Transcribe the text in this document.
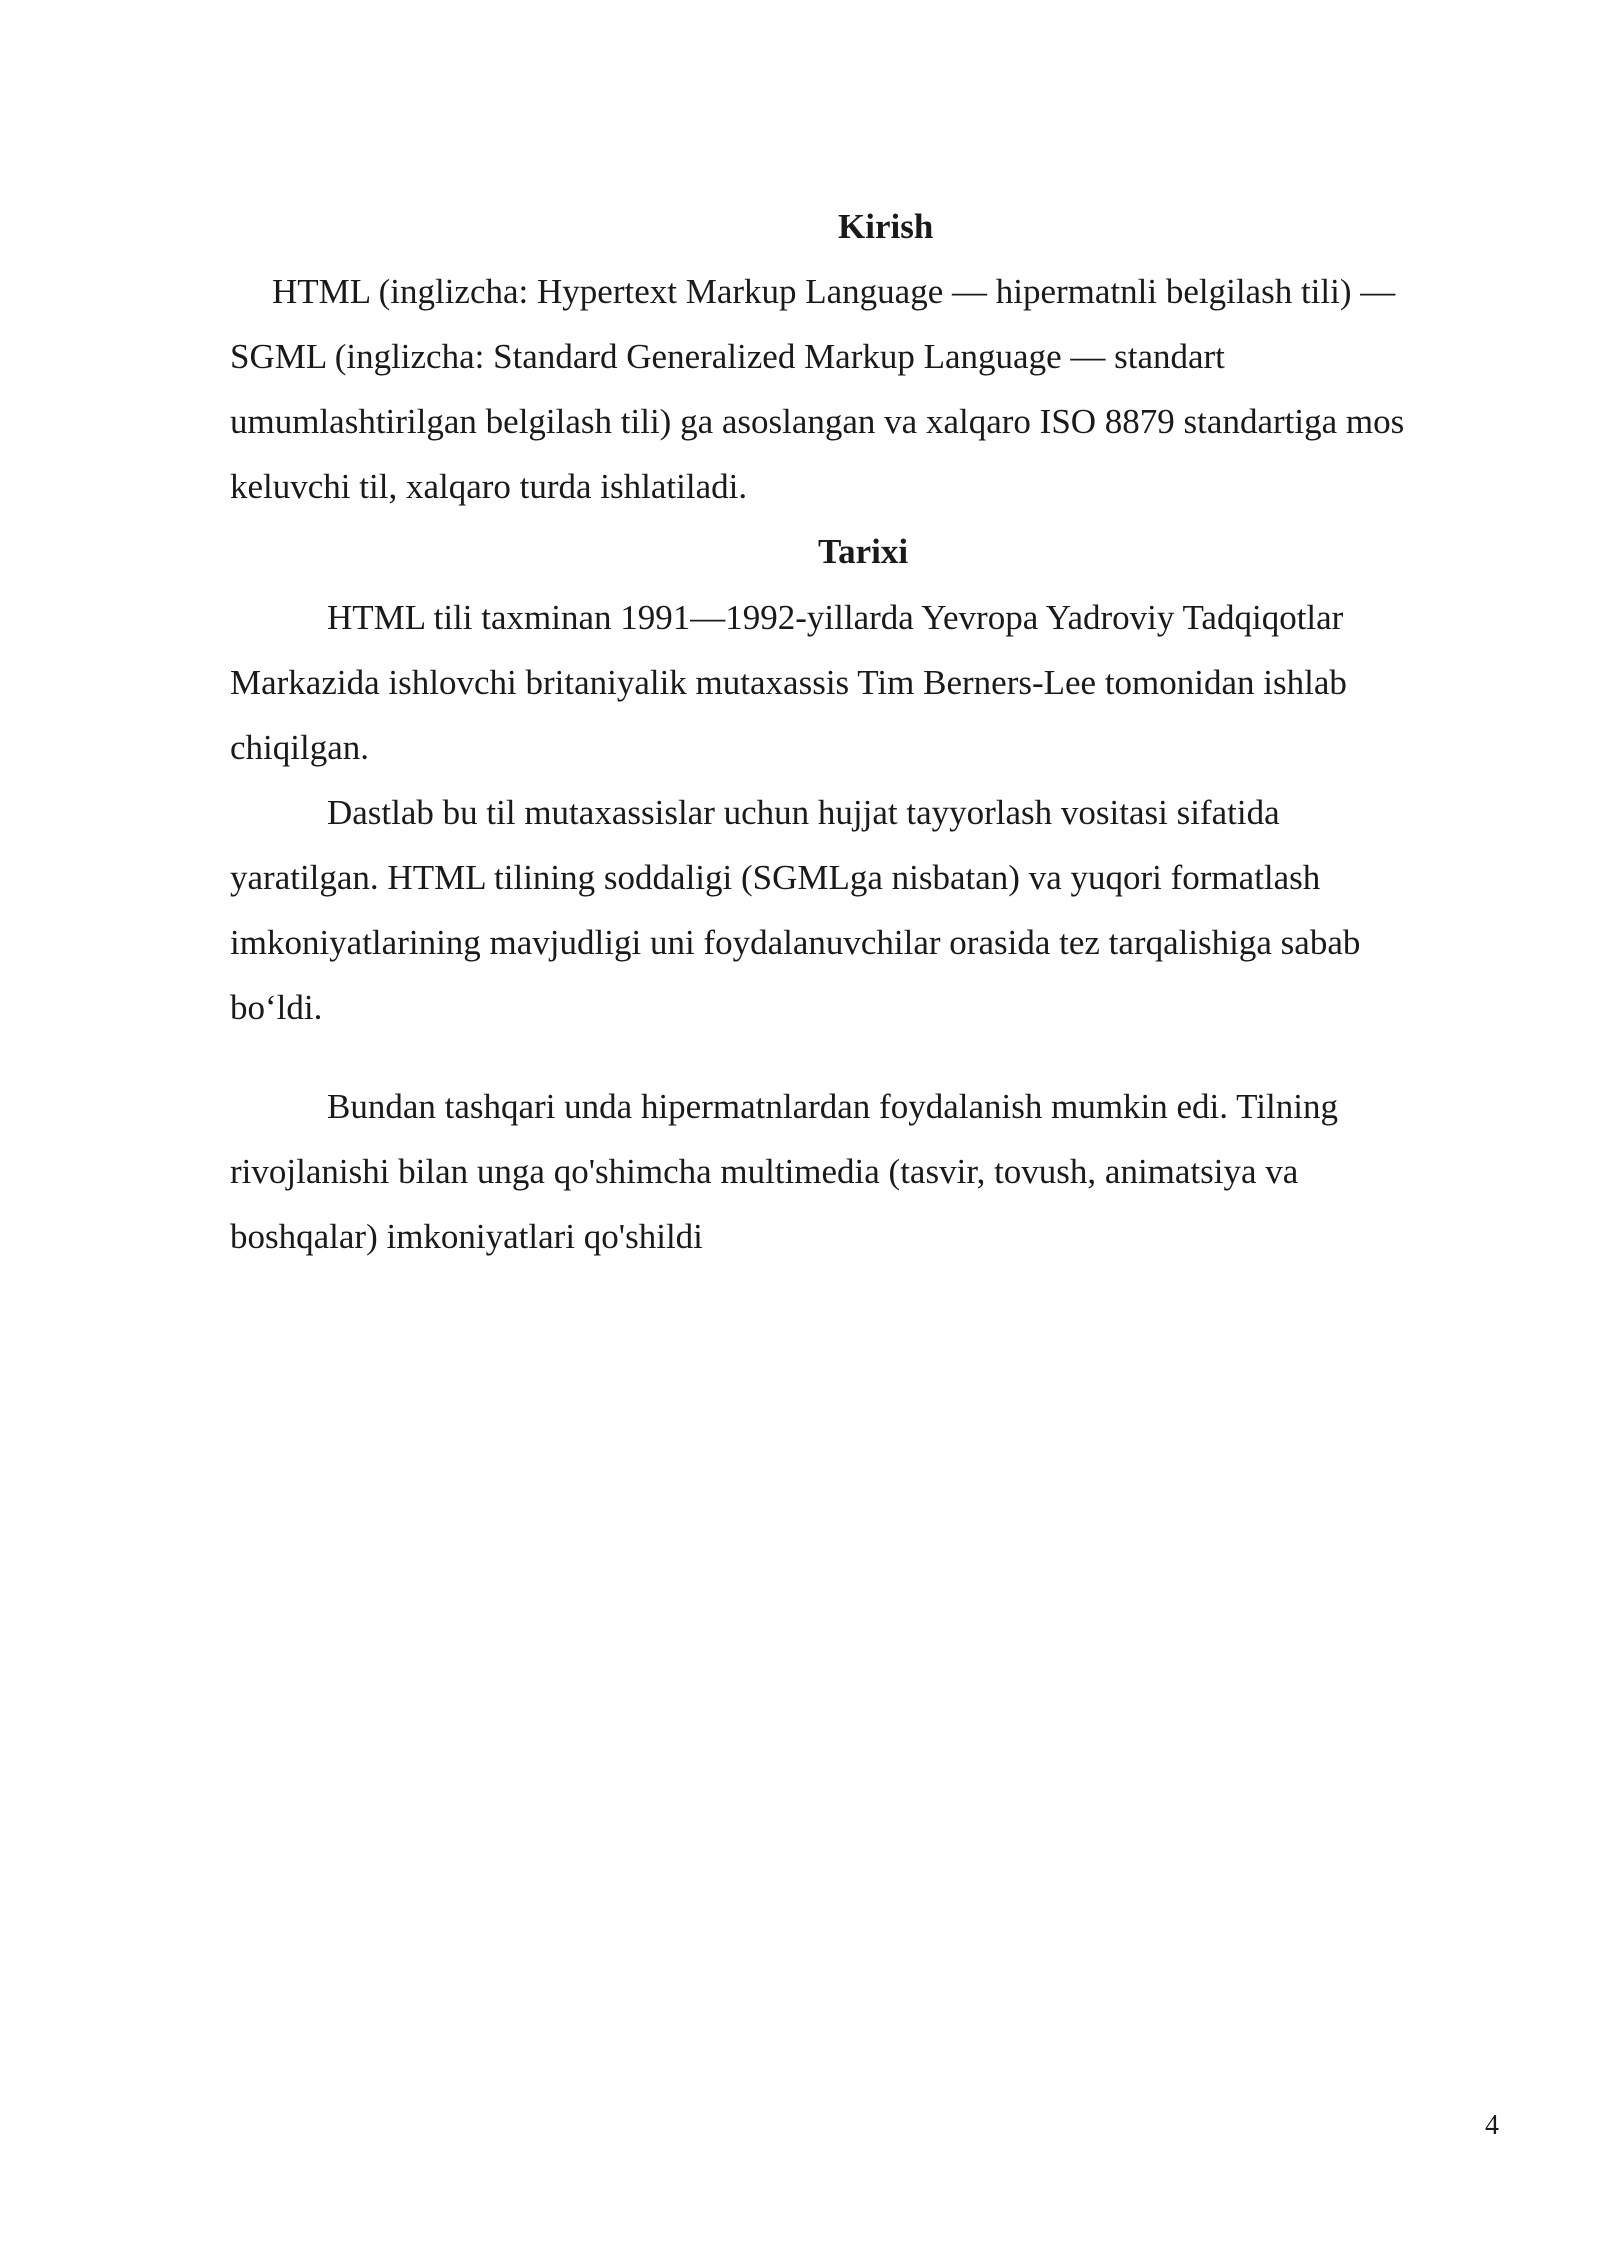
Kirish

HTML (inglizcha: Hypertext Markup Language — hipermatnli belgilash tili) —
SGML (inglizcha: Standard Generalized Markup Language — standart
umumlashtirilgan belgilash tili) ga asoslangan va xalqaro ISO 8879 standartiga mos
keluvchi til, xalqaro turda ishlatiladi.

Tarixi

HTML tili taxminan 1991—1992-yillarda Yevropa Yadroviy Tadqiqotlar
Markazida ishlovchi britaniyalik mutaxassis Tim Berners-Lee tomonidan ishlab
chiqilgan.

Dastlab bu til mutaxassislar uchun hujjat tayyorlash vositasi sifatida
yaratilgan. HTML tilining soddaligi (SGMLga nisbatan) va yuqori formatlash
imkoniyatlarining mavjudligi uni foydalanuvchilar orasida tez tarqalishiga sabab
bo‘ldi.

Bundan tashqari unda hipermatnlardan foydalanish mumkin edi. Tilning
rivojlanishi bilan unga qo'shimcha multimedia (tasvir, tovush, animatsiya va
boshqalar) imkoniyatlari qo'shildi

4
